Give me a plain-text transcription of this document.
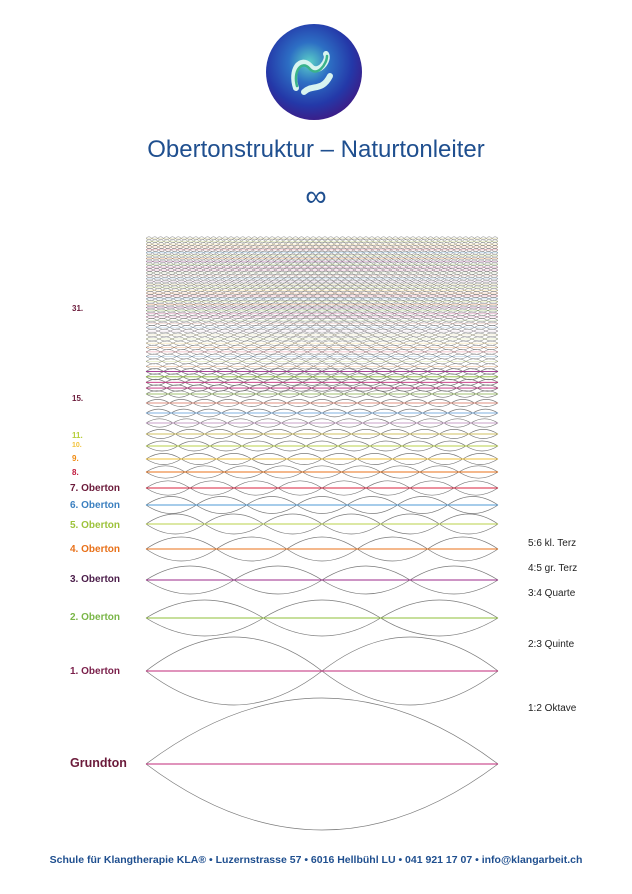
Obertonstruktur – Naturtonleiter
∞
Grundton
1. Oberton
2. Oberton
3. Oberton
4. Oberton
5. Oberton
6. Oberton
7. Oberton
8.
9.
10.
11.
15.
31.
1:2 Oktave
2:3 Quinte
3:4 Quarte
4:5 gr. Terz
5:6 kl. Terz
Schule für Klangtherapie KLA® • Luzernstrasse 57 • 6016 Hellbühl LU • 041 921 17 07 • info@klangarbeit.ch
